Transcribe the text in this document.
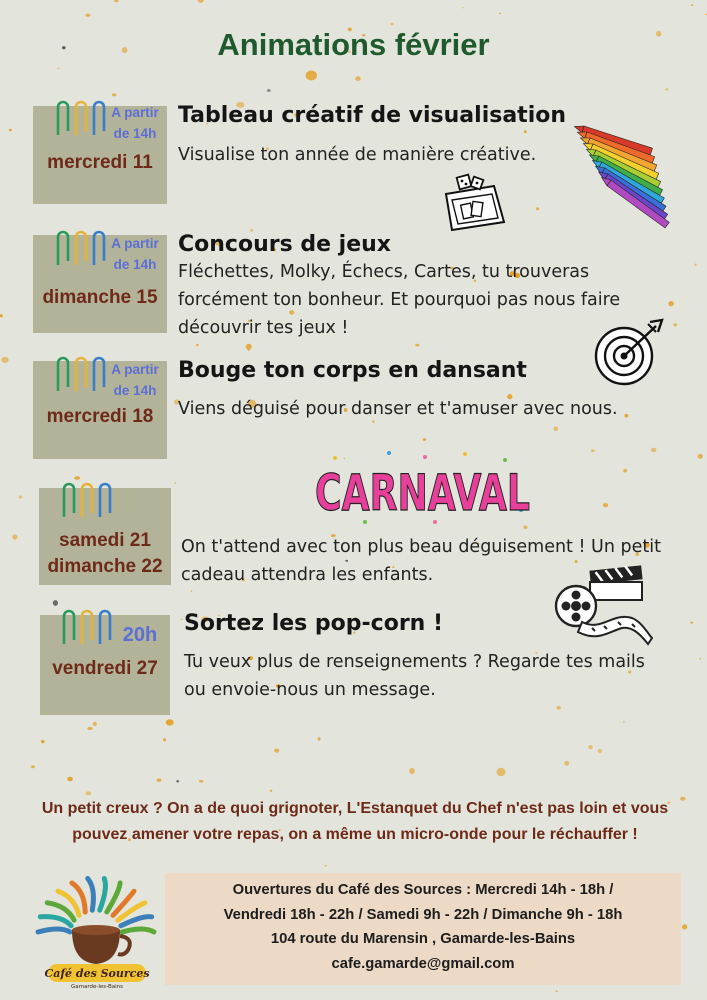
Animations février
A partir de 14h
mercredi 11
Tableau créatif de visualisation
Visualise ton année de manière créative.
A partir de 14h
dimanche 15
Concours de jeux
Fléchettes, Molky, Échecs, Cartes, tu trouveras forcément ton bonheur. Et pourquoi pas nous faire découvrir tes jeux !
A partir de 14h
mercredi 18
Bouge ton corps en dansant
Viens déguisé pour danser et t'amuser avec nous.
samedi 21
dimanche 22
CARNAVAL
On t'attend avec ton plus beau déguisement ! Un petit cadeau attendra les enfants.
20h
vendredi 27
Sortez les pop-corn !
Tu veux plus de renseignements ? Regarde tes mails ou envoie-nous un message.
Un petit creux ? On a de quoi grignoter, L'Estanquet du Chef n'est pas loin et vous pouvez amener votre repas, on a même un micro-onde pour le réchauffer !
Café des Sources
Gamarde-les-Bains
Ouvertures du Café des Sources : Mercredi 14h - 18h /
Vendredi 18h - 22h / Samedi 9h - 22h / Dimanche 9h - 18h
104 route du Marensin , Gamarde-les-Bains
cafe.gamarde@gmail.com
